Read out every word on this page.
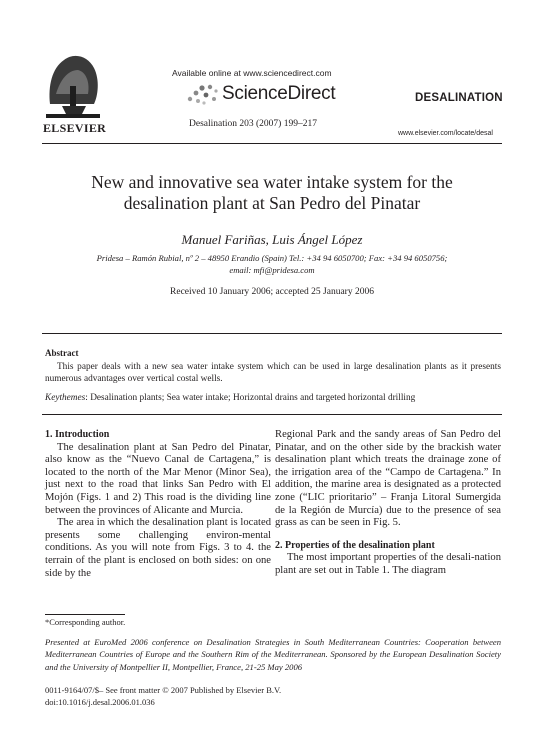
ELSEVIER
Available online at www.sciencedirect.com
ScienceDirect
Desalination 203 (2007) 199–217
DESALINATION
www.elsevier.com/locate/desal
New and innovative sea water intake system for the
desalination plant at San Pedro del Pinatar
Manuel Fariñas, Luis Ángel López
Pridesa – Ramón Rubial, nº 2 – 48950 Erandio (Spain) Tel.: +34 94 6050700; Fax: +34 94 6050756;
email: mfi@pridesa.com
Received 10 January 2006; accepted 25 January 2006
Abstract
This paper deals with a new sea water intake system which can be used in large desalination plants as it presents numerous advantages over vertical costal wells.
Keythemes: Desalination plants; Sea water intake; Horizontal drains and targeted horizontal drilling

1. Introduction

The desalination plant at San Pedro del Pinatar, also know as the “Nuevo Canal de Cartagena,” is located to the north of the Mar Menor (Minor Sea), just next to the road that links San Pedro with El Mojón (Figs. 1 and 2) This road is the dividing line between the provinces of Alicante and Murcia.

The area in which the desalination plant is located presents some challenging environ-mental conditions. As you will note from Figs. 3 to 4. the terrain of the plant is enclosed on both sides: on one side by the

Regional Park and the sandy areas of San Pedro del Pinatar, and on the other side by the brackish water desalination plant which treats the drainage zone of the irrigation area of the “Campo de Cartagena.” In addition, the marine area is designated as a protected zone (“LIC prioritario” – Franja Litoral Sumergida de la Región de Murcía) due to the presence of sea grass as can be seen in Fig. 5.

2. Properties of the desalination plant

The most important properties of the desali-nation plant are set out in Table 1. The diagram

*Corresponding author.
Presented at EuroMed 2006 conference on Desalination Strategies in South Mediterranean Countries: Cooperation between Mediterranean Countries of Europe and the Southern Rim of the Mediterranean. Sponsored by the European Desalination Society and the University of Montpellier II, Montpellier, France, 21-25 May 2006
0011-9164/07/$– See front matter © 2007 Published by Elsevier B.V.
doi:10.1016/j.desal.2006.01.036
